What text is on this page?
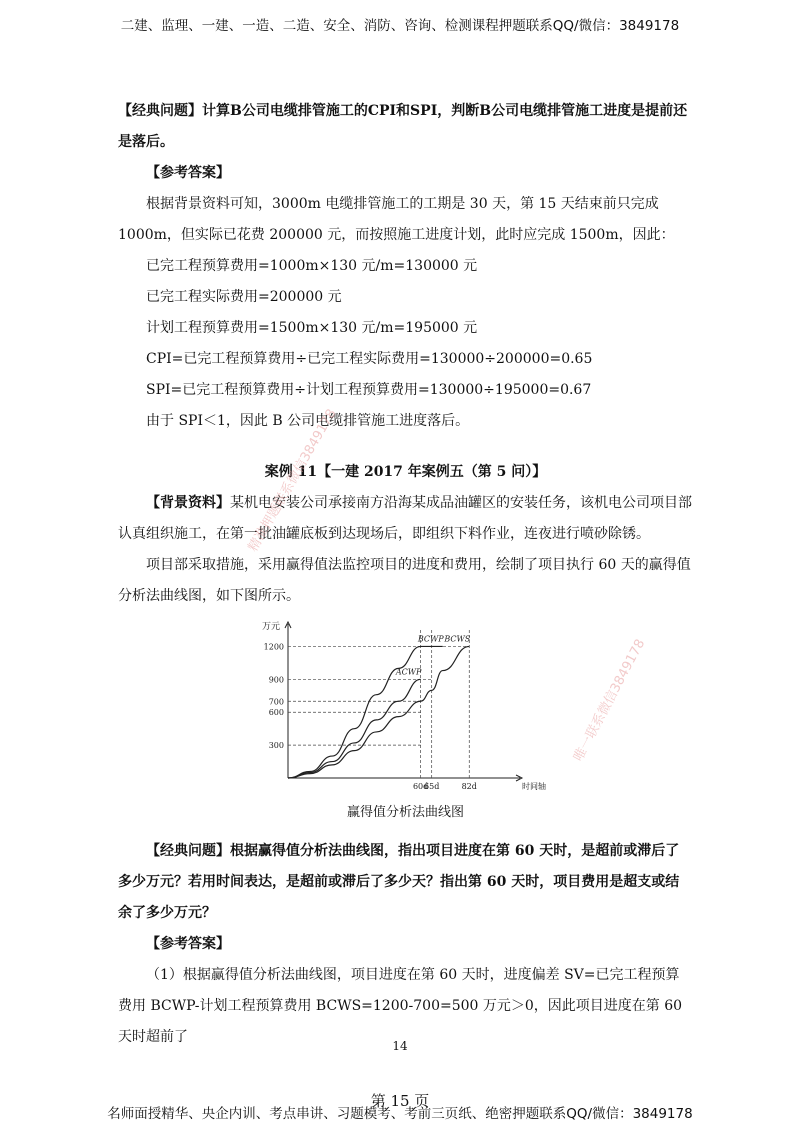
二建、监理、一建、一造、二造、安全、消防、咨询、检测课程押题联系QQ/微信：3849178

【经典问题】计算B公司电缆排管施工的CPI和SPI，判断B公司电缆排管施工进度是提前还是落后。

【参考答案】

根据背景资料可知，3000m 电缆排管施工的工期是 30 天，第 15 天结束前只完成 1000m，但实际已花费 200000 元，而按照施工进度计划，此时应完成 1500m，因此：

已完工程预算费用=1000m×130 元/m=130000 元

已完工程实际费用=200000 元

计划工程预算费用=1500m×130 元/m=195000 元

CPI=已完工程预算费用÷已完工程实际费用=130000÷200000=0.65

SPI=已完工程预算费用÷计划工程预算费用=130000÷195000=0.67

由于 SPI＜1，因此 B 公司电缆排管施工进度落后。

案例 11【一建 2017 年案例五（第 5 问）】

【背景资料】某机电安装公司承接南方沿海某成品油罐区的安装任务，该机电公司项目部认真组织施工，在第一批油罐底板到达现场后，即组织下料作业，连夜进行喷砂除锈。

项目部采取措施，采用赢得值法监控项目的进度和费用，绘制了项目执行 60 天的赢得值分析法曲线图，如下图所示。

300
600
700
900
1200
60d
65d	82d
万元
时间轴
BCWP
ACWP
BCWS

赢得值分析法曲线图

【经典问题】根据赢得值分析法曲线图，指出项目进度在第 60 天时，是超前或滞后了多少万元？若用时间表达，是超前或滞后了多少天？指出第 60 天时，项目费用是超支或结余了多少万元？

【参考答案】

（1）根据赢得值分析法曲线图，项目进度在第 60 天时，进度偏差 SV=已完工程预算费用 BCWP-计划工程预算费用 BCWS=1200-700=500 万元＞0，因此项目进度在第 60 天时超前了

14
第 15 页
名师面授精华、央企内训、考点串讲、习题模考、考前三页纸、绝密押题联系QQ/微信：3849178
精准押题联系微信3849178
唯一联系微信3849178
